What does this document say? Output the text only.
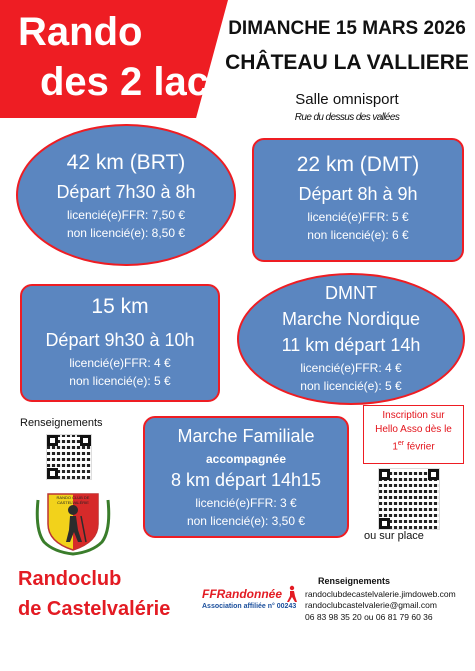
Rando
des 2 lacs
DIMANCHE 15 MARS 2026
CHÂTEAU LA VALLIERE
Salle omnisport
Rue du dessus des vallées
42 km (BRT)
Départ 7h30 à 8h
licencié(e)FFR: 7,50 €
non licencié(e): 8,50 €
22 km (DMT)
Départ 8h à 9h
licencié(e)FFR: 5 €
non licencié(e): 6 €
15 km
Départ 9h30 à 10h
licencié(e)FFR: 4 €
non licencié(e): 5 €
DMNT
Marche Nordique
11 km départ 14h
licencié(e)FFR: 4 €
non licencié(e): 5 €
Marche Familiale
accompagnée
8 km départ 14h15
licencié(e)FFR: 3 €
non licencié(e): 3,50 €
Inscription sur
Hello Asso dès le
1er février
Renseignements
ou sur place
RANDO CLUB DE CASTELVALÉRIE
Randoclub
de Castelvalérie
FFRandonnée
Association affiliée n° 00243
Renseignements
randoclubdecastelvalerie.jimdoweb.com
randoclubcastelvalerie@gmail.com
06 83 98 35 20 ou 06 81 79 60 36
